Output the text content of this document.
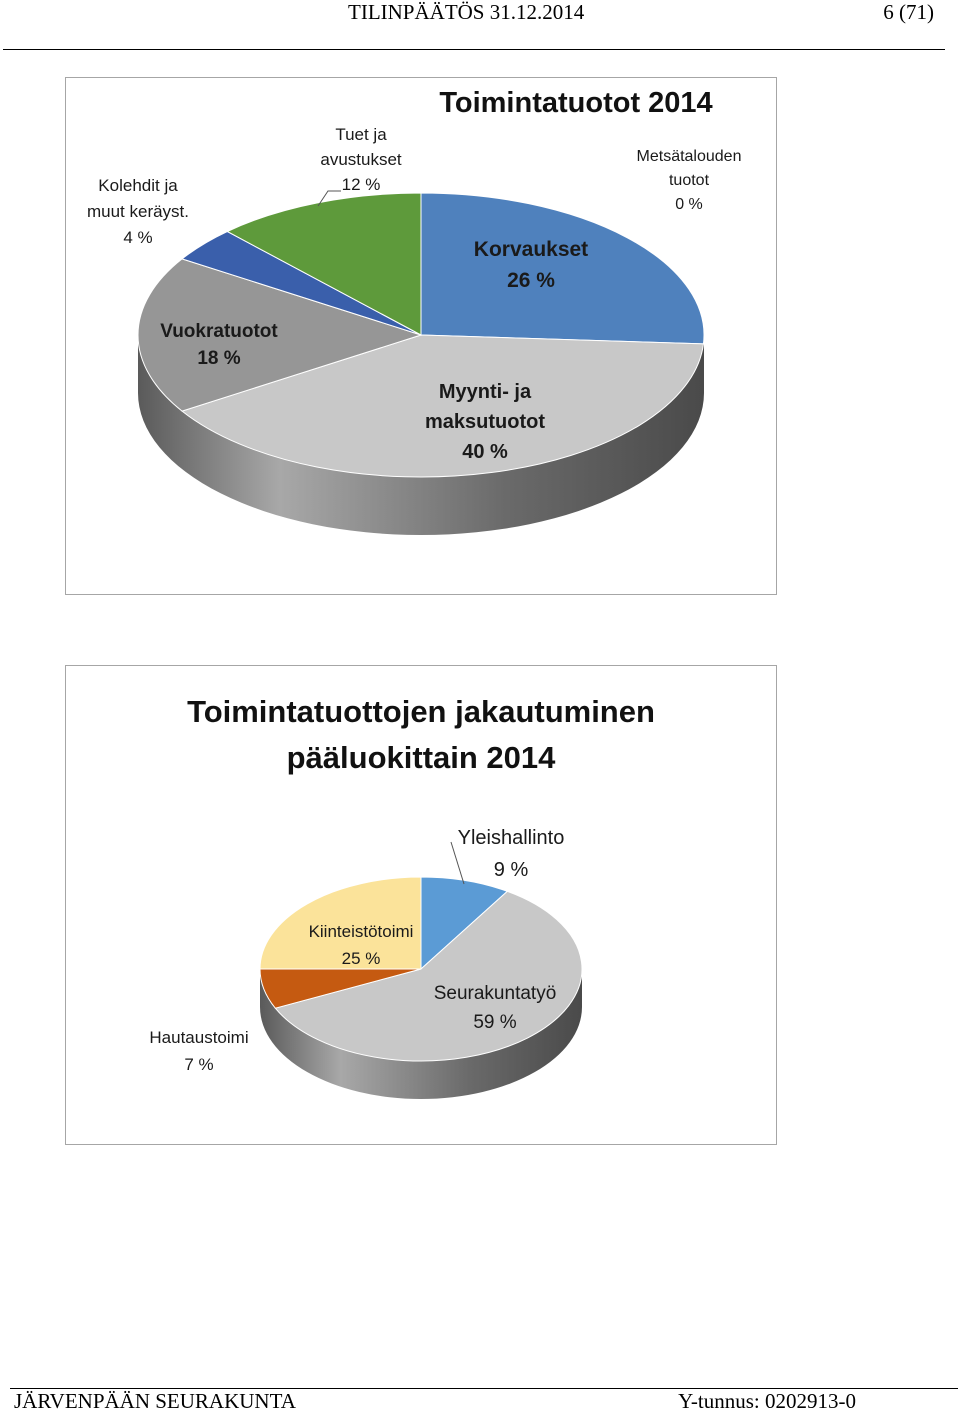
TILINPÄÄTÖS 31.12.2014	6 (71)
Korvaukset 26 %
Myynti- ja maksutuotot 40 %
Vuokratuotot 18 %
Kolehdit ja muut keräyst. 4 %
Tuet ja avustukset 12 %
Metsätalouden tuotot 0 %
Toimintatuotot 2014
Yleishallinto 9 %
Seurakuntatyö 59 %
Hautaustoimi 7 %
Kiinteistötoimi 25 %
Toimintatuottojen jakautuminen
pääluokittain 2014
JÄRVENPÄÄN SEURAKUNTA	Y-tunnus: 0202913-0
